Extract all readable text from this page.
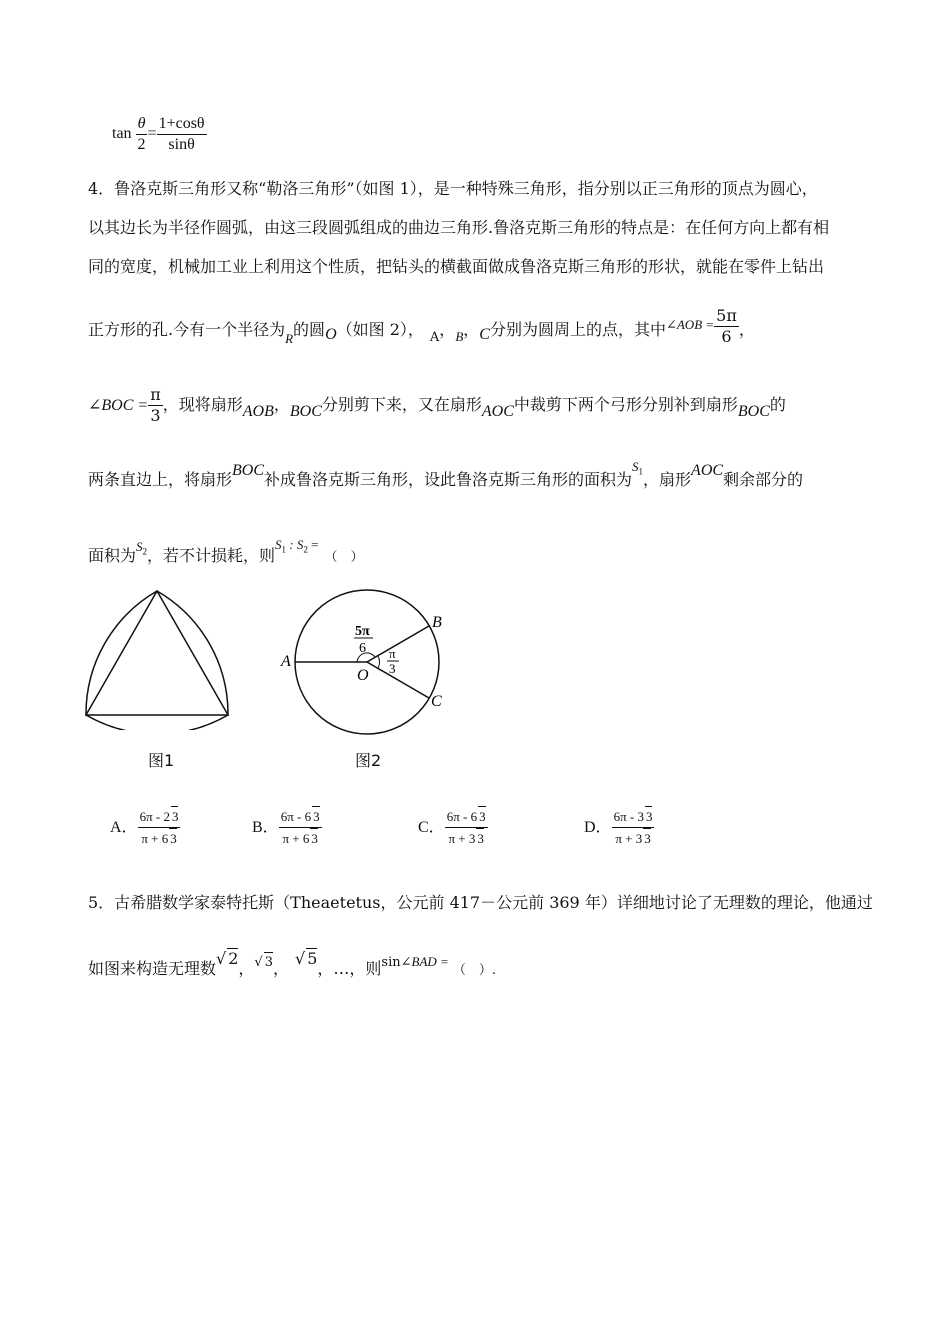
$\tan \frac{\theta}{2} = \frac{1+\cos\theta}{\sin\theta}$
4．鲁洛克斯三角形又称“勒洛三角形”（如图 1），是一种特殊三角形，指分别以正三角形的顶点为圆心，
以其边长为半径作圆弧，由这三段圆弧组成的曲边三角形.鲁洛克斯三角形的特点是：在任何方向上都有相
同的宽度，机械加工业上利用这个性质，把钻头的横截面做成鲁洛克斯三角形的形状，就能在零件上钻出
正方形的孔.今有一个半径为$_R$的圆O（如图 2）， $_A$，$_B$，C分别为圆周上的点，其中$^{\angle AOB =} \frac{5\pi}{6}$ ，
∠BOC = $\frac{\pi}{3}$ ，现将扇形AOB，BOC分别剪下来，又在扇形AOC中裁剪下两个弓形分别补到扇形BOC的
两条直边上，将扇形BOC补成鲁洛克斯三角形，设此鲁洛克斯三角形的面积为$^{S_1}$，扇形AOC剩余部分的
面积为$^{S_2}$，若不计损耗，则$^{S_1 : S_2 =}$（　）
图1
A
B
C
O
5π
6 π
3
图2
A． $\frac{6\pi - 2 3}{\pi + 6 3}$	B． $\frac{6\pi - 6 3}{\pi + 6 3}$	C． $\frac{6\pi - 6 3}{\pi + 3 3}$	D． $\frac{6\pi - 3 3}{\pi + 3 3}$
5．古希腊数学家泰特托斯（Theaetetus，公元前 417－公元前 369 年）详细地讨论了无理数的理论，他通过
如图来构造无理数√ 2，$^{√ 3}$，√ 5，…，则$^{sin\angle BAD =}$（　）.
